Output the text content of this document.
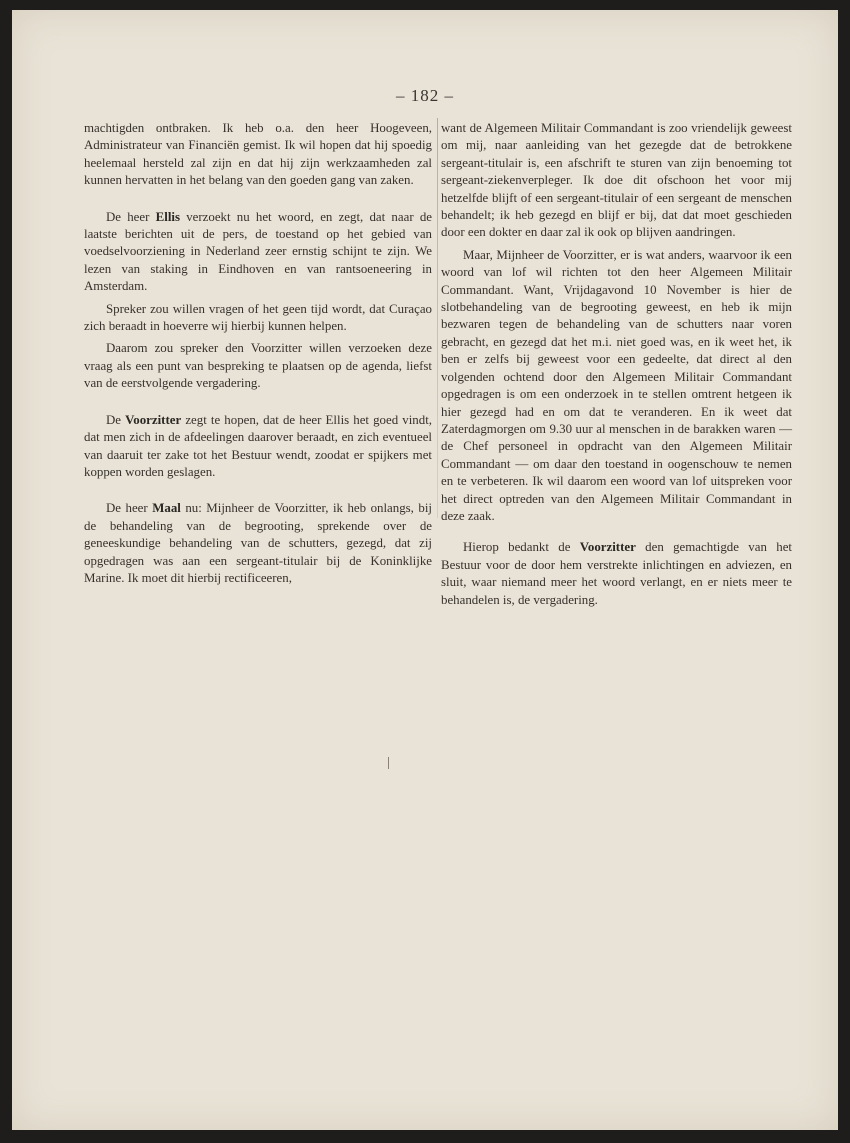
– 182 –

machtigden ontbraken. Ik heb o.a. den heer Hoogeveen, Administrateur van Financiën gemist. Ik wil hopen dat hij spoedig heelemaal hersteld zal zijn en dat hij zijn werkzaamheden zal kunnen hervatten in het belang van den goeden gang van zaken.

De heer Ellis verzoekt nu het woord, en zegt, dat naar de laatste berichten uit de pers, de toestand op het gebied van voedselvoorziening in Nederland zeer ernstig schijnt te zijn. We lezen van staking in Eindhoven en van rantsoeneering in Amsterdam.

Spreker zou willen vragen of het geen tijd wordt, dat Curaçao zich beraadt in hoeverre wij hierbij kunnen helpen.

Daarom zou spreker den Voorzitter willen verzoeken deze vraag als een punt van bespreking te plaatsen op de agenda, liefst van de eerstvolgende vergadering.

De Voorzitter zegt te hopen, dat de heer Ellis het goed vindt, dat men zich in de afdeelingen daarover beraadt, en zich eventueel van daaruit ter zake tot het Bestuur wendt, zoodat er spijkers met koppen worden geslagen.

De heer Maal nu: Mijnheer de Voorzitter, ik heb onlangs, bij de behandeling van de begrooting, sprekende over de geneeskundige behandeling van de schutters, gezegd, dat zij opgedragen was aan een sergeant-titulair bij de Koninklijke Marine. Ik moet dit hierbij rectificeeren,

want de Algemeen Militair Commandant is zoo vriendelijk geweest om mij, naar aanleiding van het gezegde dat de betrokkene sergeant-titulair is, een afschrift te sturen van zijn benoeming tot sergeant-ziekenverpleger. Ik doe dit ofschoon het voor mij hetzelfde blijft of een sergeant-titulair of een sergeant de menschen behandelt; ik heb gezegd en blijf er bij, dat dat moet geschieden door een dokter en daar zal ik ook op blijven aandringen.

Maar, Mijnheer de Voorzitter, er is wat anders, waarvoor ik een woord van lof wil richten tot den heer Algemeen Militair Commandant. Want, Vrijdagavond 10 November is hier de slotbehandeling van de begrooting geweest, en heb ik mijn bezwaren tegen de behandeling van de schutters naar voren gebracht, en gezegd dat het m.i. niet goed was, en ik weet het, ik ben er zelfs bij geweest voor een gedeelte, dat direct al den volgenden ochtend door den Algemeen Militair Commandant opgedragen is om een onderzoek in te stellen omtrent hetgeen ik hier gezegd had en om dat te veranderen. En ik weet dat Zaterdagmorgen om 9.30 uur al menschen in de barakken waren — de Chef personeel in opdracht van den Algemeen Militair Commandant — om daar den toestand in oogenschouw te nemen en te verbeteren. Ik wil daarom een woord van lof uitspreken voor het direct optreden van den Algemeen Militair Commandant in deze zaak.

Hierop bedankt de Voorzitter den gemachtigde van het Bestuur voor de door hem verstrekte inlichtingen en adviezen, en sluit, waar niemand meer het woord verlangt, en er niets meer te behandelen is, de vergadering.
